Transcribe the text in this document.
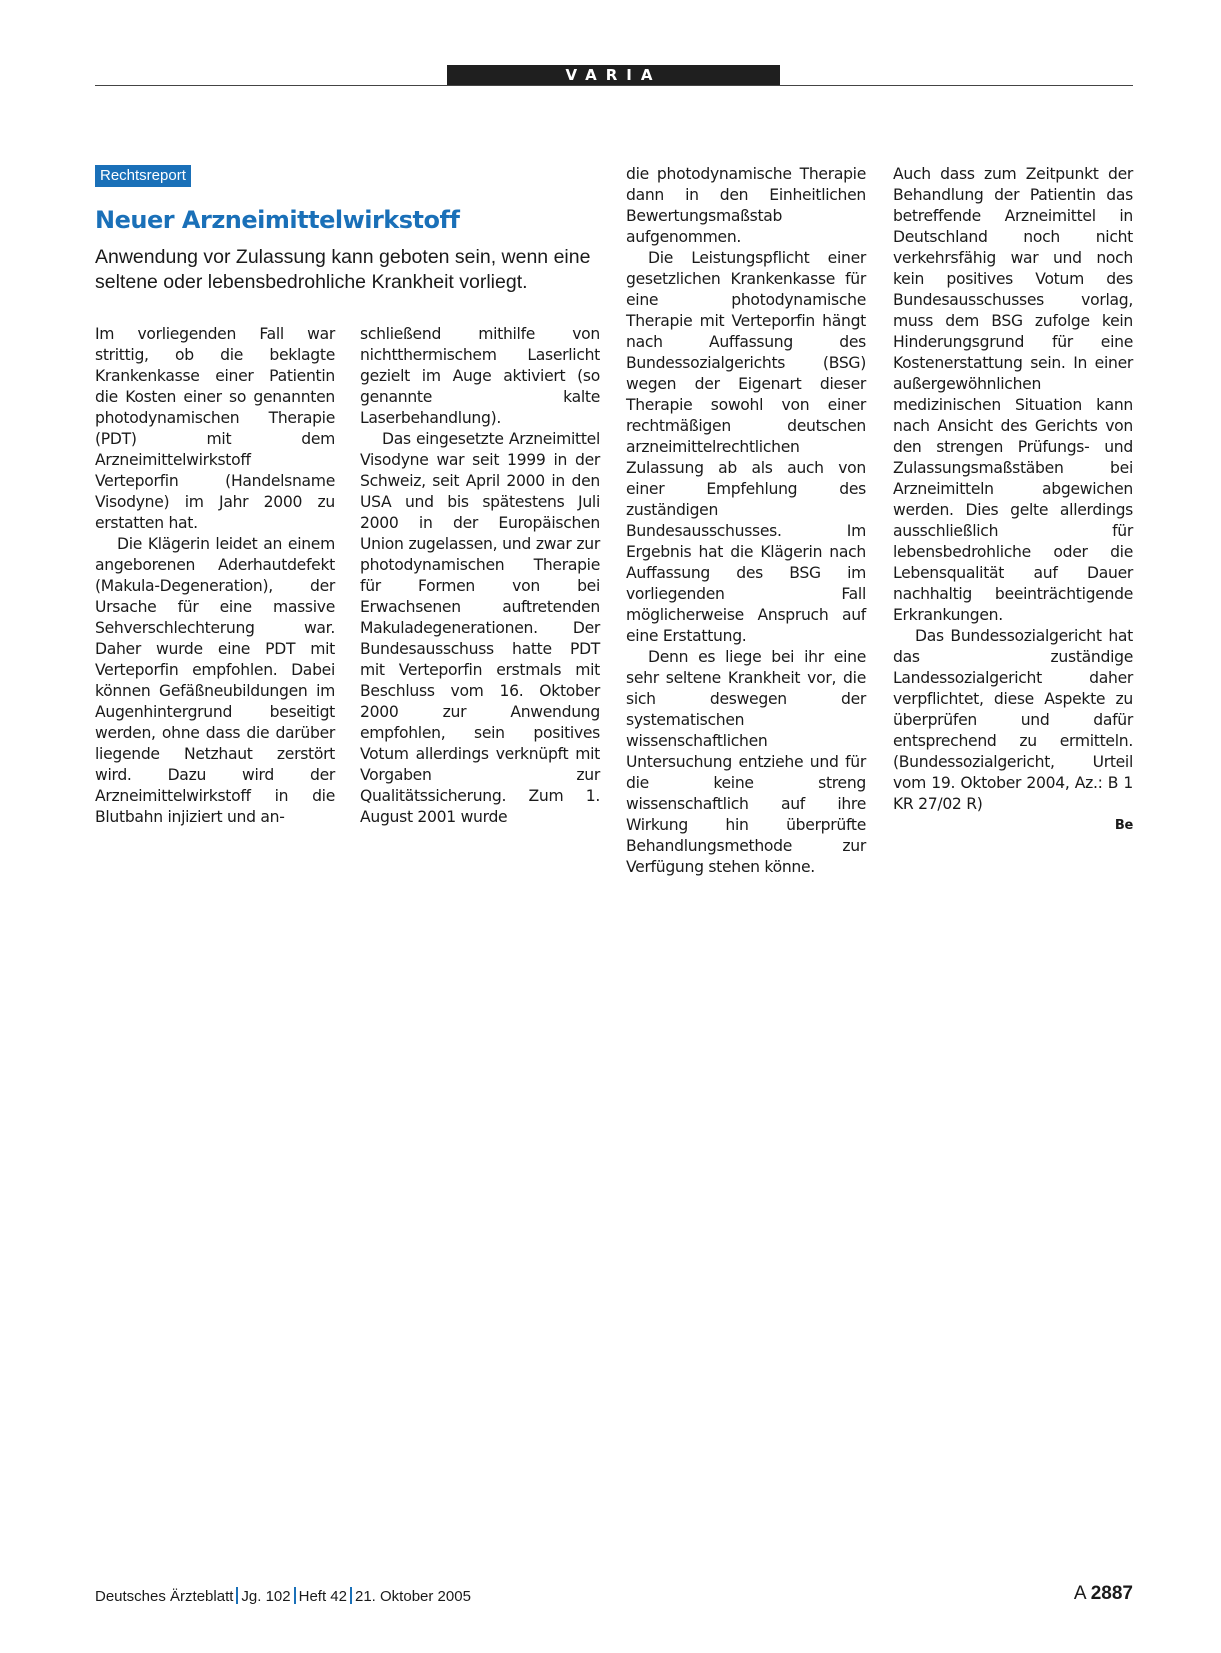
VARIA
Rechtsreport
Neuer Arzneimittelwirkstoff

Anwendung vor Zulassung kann geboten sein, wenn eine seltene oder lebensbedrohliche Krankheit vorliegt.

Im vorliegenden Fall war strittig, ob die beklagte Krankenkasse einer Patientin die Kosten einer so genannten photodynamischen Therapie (PDT) mit dem Arzneimittelwirkstoff Verteporfin (Handelsname Visodyne) im Jahr 2000 zu erstatten hat.

Die Klägerin leidet an einem angeborenen Aderhautdefekt (Makula-Degeneration), der Ursache für eine massive Sehverschlechterung war. Daher wurde eine PDT mit Verteporfin empfohlen. Dabei können Gefäßneubildungen im Augenhintergrund beseitigt werden, ohne dass die darüber liegende Netzhaut zerstört wird. Dazu wird der Arzneimittelwirkstoff in die Blutbahn injiziert und an-

schließend mithilfe von nichtthermischem Laserlicht gezielt im Auge aktiviert (so genannte kalte Laserbehandlung).

Das eingesetzte Arzneimittel Visodyne war seit 1999 in der Schweiz, seit April 2000 in den USA und bis spätestens Juli 2000 in der Europäischen Union zugelassen, und zwar zur photodynamischen Therapie für Formen von bei Erwachsenen auftretenden Makuladegenerationen. Der Bundesausschuss hatte PDT mit Verteporfin erstmals mit Beschluss vom 16. Oktober 2000 zur Anwendung empfohlen, sein positives Votum allerdings verknüpft mit Vorgaben zur Qualitätssicherung. Zum 1. August 2001 wurde

die photodynamische Therapie dann in den Einheitlichen Bewertungsmaßstab aufgenommen.

Die Leistungspflicht einer gesetzlichen Krankenkasse für eine photodynamische Therapie mit Verteporfin hängt nach Auffassung des Bundessozialgerichts (BSG) wegen der Eigenart dieser Therapie sowohl von einer rechtmäßigen deutschen arzneimittelrechtlichen Zulassung ab als auch von einer Empfehlung des zuständigen Bundesausschusses. Im Ergebnis hat die Klägerin nach Auffassung des BSG im vorliegenden Fall möglicherweise Anspruch auf eine Erstattung.

Denn es liege bei ihr eine sehr seltene Krankheit vor, die sich deswegen der systematischen wissenschaftlichen Untersuchung entziehe und für die keine streng wissenschaftlich auf ihre Wirkung hin überprüfte Behandlungsmethode zur Verfügung stehen könne.

Auch dass zum Zeitpunkt der Behandlung der Patientin das betreffende Arzneimittel in Deutschland noch nicht verkehrsfähig war und noch kein positives Votum des Bundesausschusses vorlag, muss dem BSG zufolge kein Hinderungsgrund für eine Kostenerstattung sein. In einer außergewöhnlichen medizinischen Situation kann nach Ansicht des Gerichts von den strengen Prüfungs- und Zulassungsmaßstäben bei Arzneimitteln abgewichen werden. Dies gelte allerdings ausschließlich für lebensbedrohliche oder die Lebensqualität auf Dauer nachhaltig beeinträchtigende Erkrankungen.

Das Bundessozialgericht hat das zuständige Landessozialgericht daher verpflichtet, diese Aspekte zu überprüfen und dafür entsprechend zu ermitteln. (Bundessozialgericht, Urteil vom 19. Oktober 2004, Az.: B 1 KR 27/02 R)

Be
Deutsches Ärzteblatt Jg. 102 Heft 42 21. Oktober 2005	A 2887
